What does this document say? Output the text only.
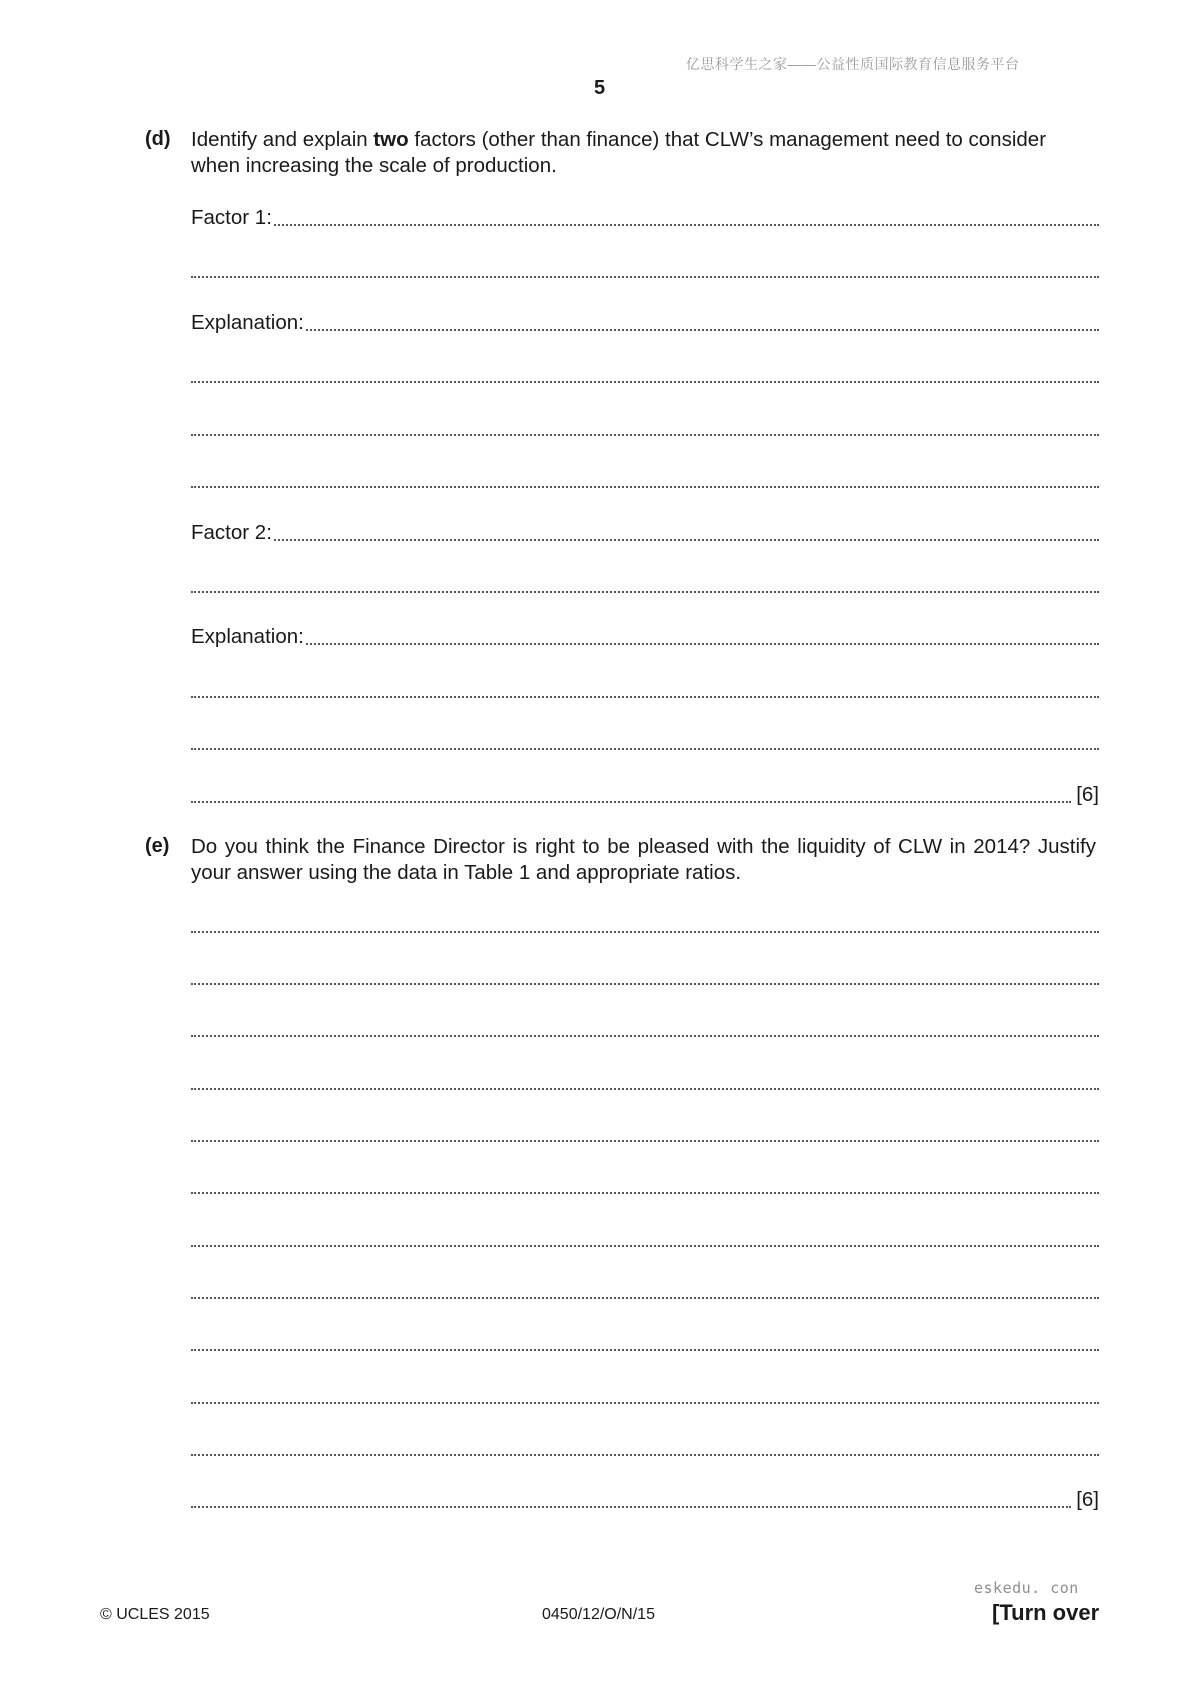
亿思科学生之家——公益性质国际教育信息服务平台
5
(d) Identify and explain two factors (other than finance) that CLW’s management need to consider when increasing the scale of production.
Factor 1:
Explanation:
Factor 2:
Explanation:
[6]
(e) Do you think the Finance Director is right to be pleased with the liquidity of CLW in 2014? Justify your answer using the data in Table 1 and appropriate ratios.
[6]
eskedu. con
© UCLES 2015	0450/12/O/N/15	[Turn over
